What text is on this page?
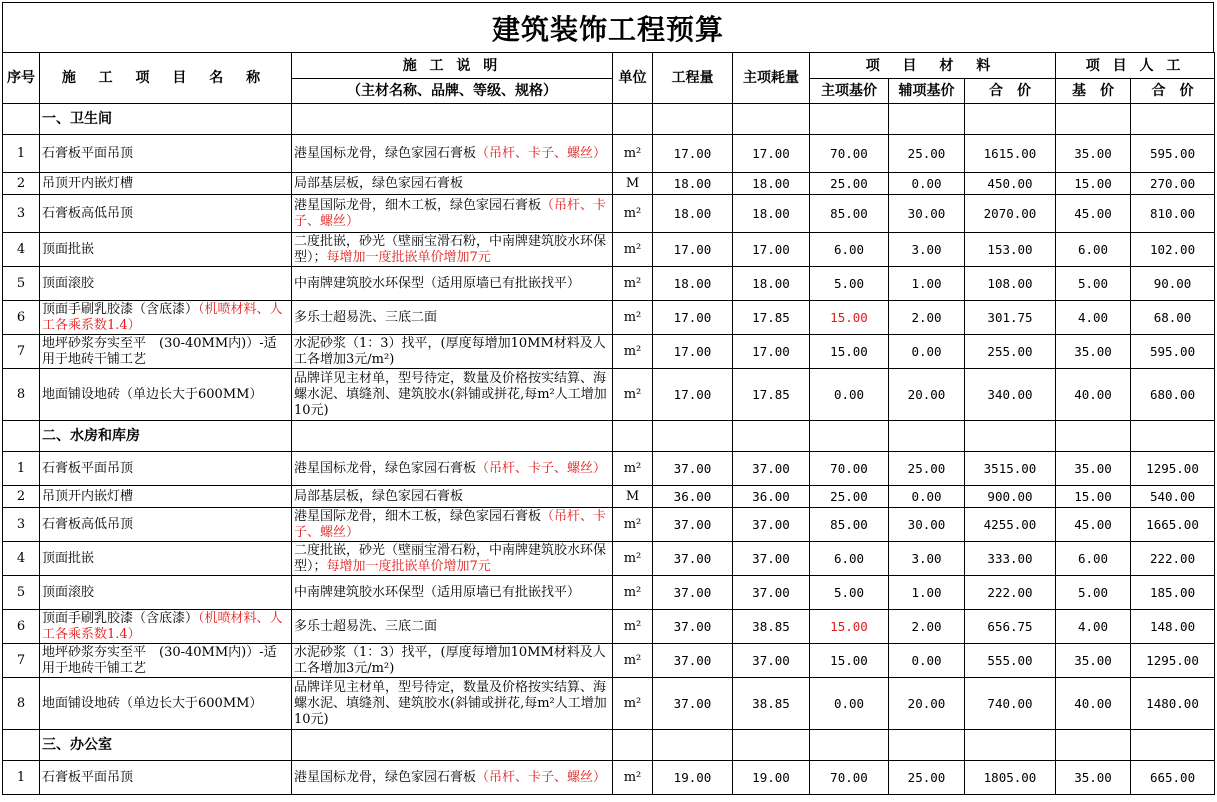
建筑装饰工程预算
序号	施 工 项 目 名 称	施 工 说 明	单位	工程量	主项耗量	项 目 材 料			项 目 人 工	
		（主材名称、品牌、等级、规格）				主项基价	辅项基价	合　价	基　价	合　价
	一、卫生间									
1	石膏板平面吊顶	港星国标龙骨，绿色家园石膏板（吊杆、卡子、螺丝）	m²	17.00	17.00	70.00	25.00	1615.00	35.00	595.00
2	吊顶开内嵌灯槽	局部基层板，绿色家园石膏板	M	18.00	18.00	25.00	0.00	450.00	15.00	270.00
3	石膏板高低吊顶	港星国际龙骨，细木工板，绿色家园石膏板（吊杆、卡子、螺丝）	m²	18.00	18.00	85.00	30.00	2070.00	45.00	810.00
4	顶面批嵌	二度批嵌，砂光（壁丽宝滑石粉，中南牌建筑胶水环保型）；每增加一度批嵌单价增加7元	m²	17.00	17.00	6.00	3.00	153.00	6.00	102.00
5	顶面滚胶	中南牌建筑胶水环保型（适用原墙已有批嵌找平）	m²	18.00	18.00	5.00	1.00	108.00	5.00	90.00
6	顶面手刷乳胶漆（含底漆）（机喷材料、人工各乘系数1.4）	多乐士超易洗、三底二面	m²	17.00	17.85	15.00	2.00	301.75	4.00	68.00
7	地坪砂浆夯实至平　(30-40MM内)）-适用于地砖干铺工艺	水泥砂浆（1：3）找平，(厚度每增加10MM材料及人工各增加3元/m²)	m²	17.00	17.00	15.00	0.00	255.00	35.00	595.00
8	地面铺设地砖（单边长大于600MM）	品牌详见主材单，型号待定，数量及价格按实结算、海螺水泥、填缝剂、建筑胶水(斜铺或拼花,每m²人工增加10元)	m²	17.00	17.85	0.00	20.00	340.00	40.00	680.00
	二、水房和库房									
1	石膏板平面吊顶	港星国标龙骨，绿色家园石膏板（吊杆、卡子、螺丝）	m²	37.00	37.00	70.00	25.00	3515.00	35.00	1295.00
2	吊顶开内嵌灯槽	局部基层板，绿色家园石膏板	M	36.00	36.00	25.00	0.00	900.00	15.00	540.00
3	石膏板高低吊顶	港星国际龙骨，细木工板，绿色家园石膏板（吊杆、卡子、螺丝）	m²	37.00	37.00	85.00	30.00	4255.00	45.00	1665.00
4	顶面批嵌	二度批嵌，砂光（壁丽宝滑石粉，中南牌建筑胶水环保型）；每增加一度批嵌单价增加7元	m²	37.00	37.00	6.00	3.00	333.00	6.00	222.00
5	顶面滚胶	中南牌建筑胶水环保型（适用原墙已有批嵌找平）	m²	37.00	37.00	5.00	1.00	222.00	5.00	185.00
6	顶面手刷乳胶漆（含底漆）（机喷材料、人工各乘系数1.4）	多乐士超易洗、三底二面	m²	37.00	38.85	15.00	2.00	656.75	4.00	148.00
7	地坪砂浆夯实至平　(30-40MM内)）-适用于地砖干铺工艺	水泥砂浆（1：3）找平，(厚度每增加10MM材料及人工各增加3元/m²)	m²	37.00	37.00	15.00	0.00	555.00	35.00	1295.00
8	地面铺设地砖（单边长大于600MM）	品牌详见主材单，型号待定，数量及价格按实结算、海螺水泥、填缝剂、建筑胶水(斜铺或拼花,每m²人工增加10元)	m²	37.00	38.85	0.00	20.00	740.00	40.00	1480.00
	三、办公室									
1	石膏板平面吊顶	港星国标龙骨，绿色家园石膏板（吊杆、卡子、螺丝）	m²	19.00	19.00	70.00	25.00	1805.00	35.00	665.00
